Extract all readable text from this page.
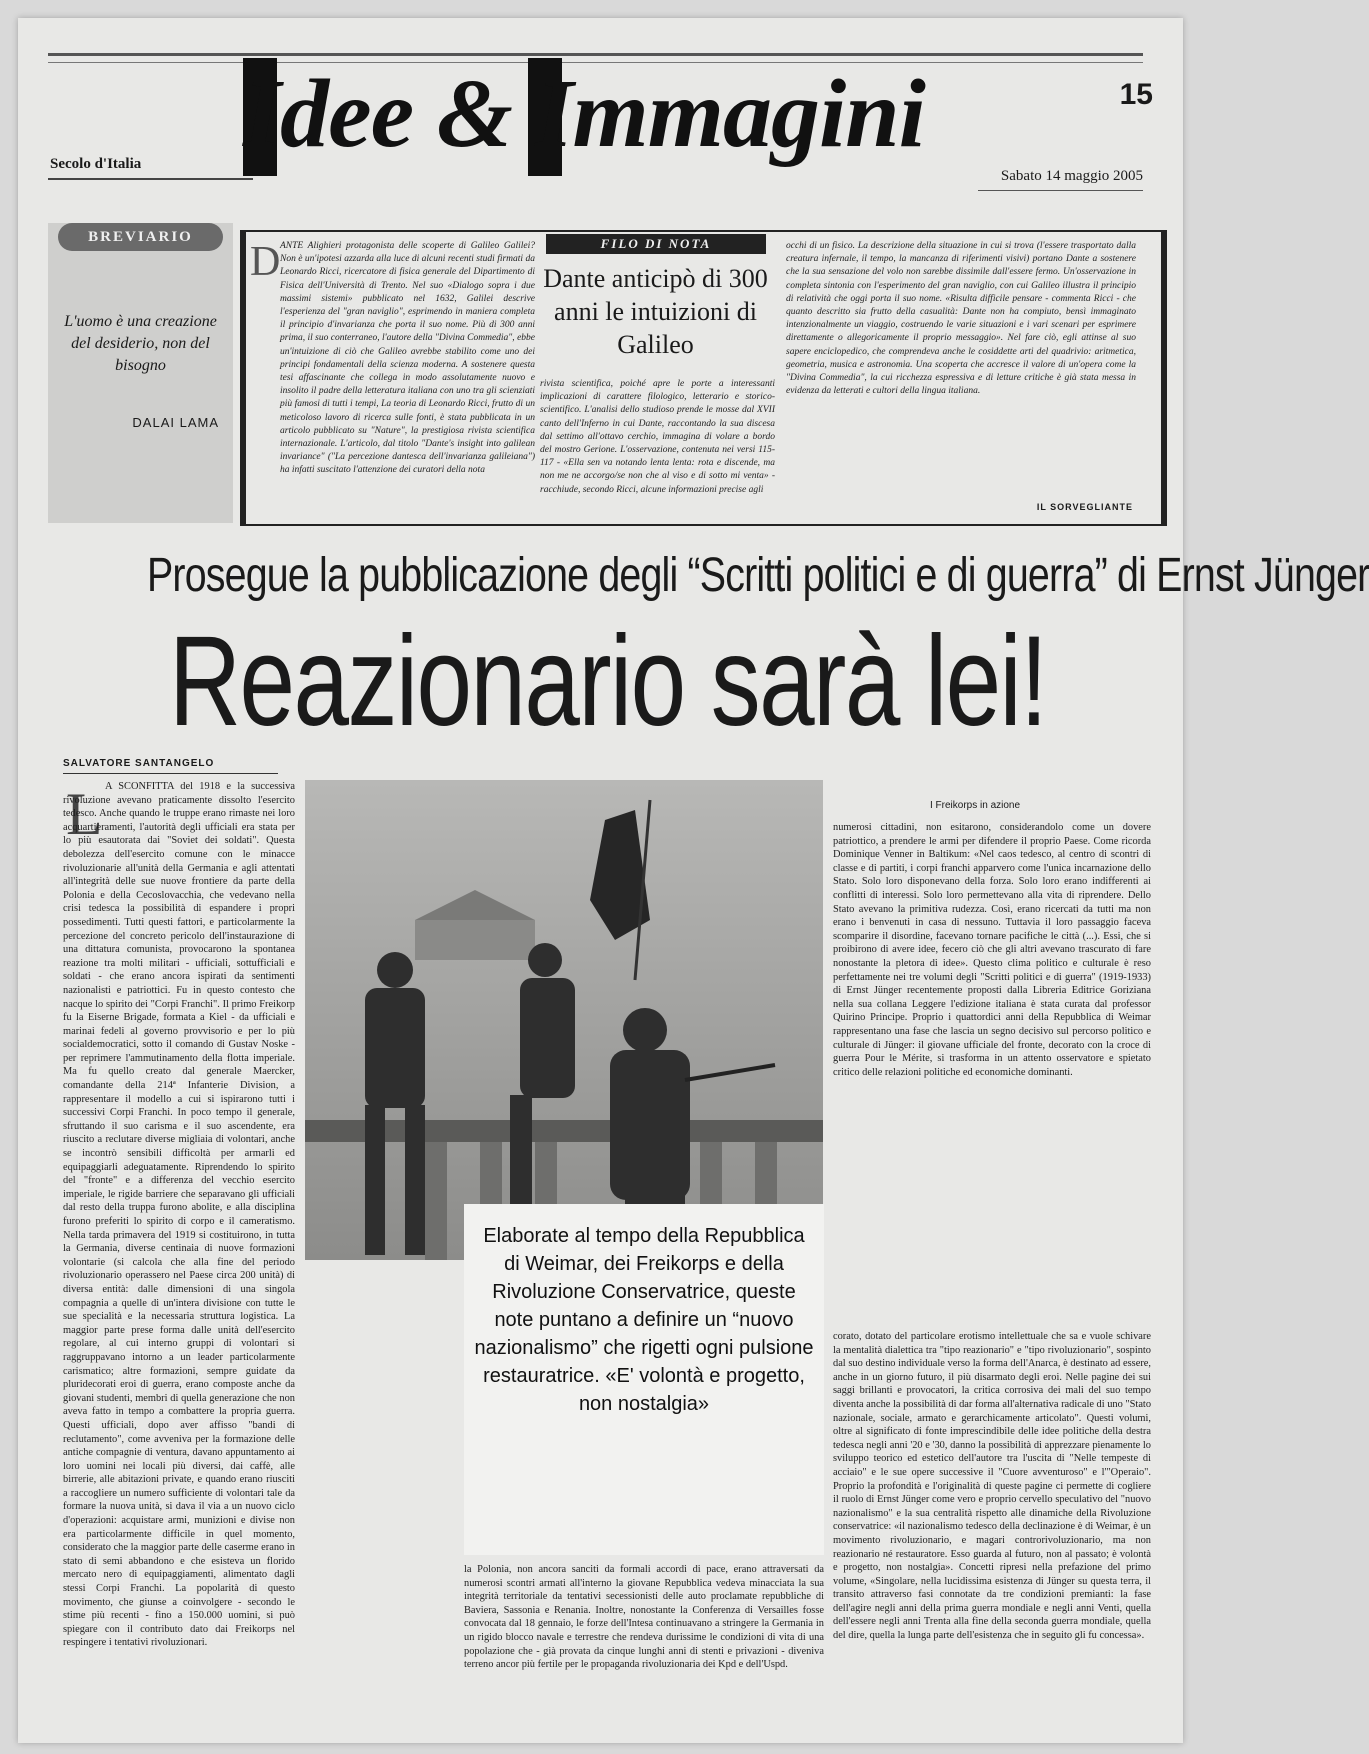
Idee & Immagini	15
Secolo d'Italia
Sabato 14 maggio 2005
BREVIARIO
L'uomo è una creazione del desiderio, non del bisogno
DALAI LAMA
D ANTE Alighieri protagonista delle scoperte di Galileo Galilei? Non è un'ipotesi azzarda alla luce di alcuni recenti studi firmati da Leonardo Ricci, ricercatore di fisica generale del Dipartimento di Fisica dell'Università di Trento. Nel suo «Dialogo sopra i due massimi sistemi» pubblicato nel 1632, Galilei descrive l'esperienza del "gran naviglio", esprimendo in maniera completa il principio d'invarianza che porta il suo nome. Più di 300 anni prima, il suo conterraneo, l'autore della "Divina Commedia", ebbe un'intuizione di ciò che Galileo avrebbe stabilito come uno dei principi fondamentali della scienza moderna. A sostenere questa tesi affascinante che collega in modo assolutamente nuovo e insolito il padre della letteratura italiana con uno tra gli scienziati più famosi di tutti i tempi, La teoria di Leonardo Ricci, frutto di un meticoloso lavoro di ricerca sulle fonti, è stata pubblicata in un articolo pubblicato su "Nature", la prestigiosa rivista scientifica internazionale. L'articolo, dal titolo "Dante's insight into galilean invariance" ("La percezione dantesca dell'invarianza galileiana") ha infatti suscitato l'attenzione dei curatori della nota
FILO DI NOTA
Dante anticipò di 300 anni le intuizioni di Galileo
rivista scientifica, poiché apre le porte a interessanti implicazioni di carattere filologico, letterario e storico-scientifico. L'analisi dello studioso prende le mosse dal XVII canto dell'Inferno in cui Dante, raccontando la sua discesa dal settimo all'ottavo cerchio, immagina di volare a bordo del mostro Gerione. L'osservazione, contenuta nei versi 115-117 - «Ella sen va notando lenta lenta: rota e discende, ma non me ne accorgo/se non che al viso e di sotto mi venta» - racchiude, secondo Ricci, alcune informazioni precise agli
occhi di un fisico. La descrizione della situazione in cui si trova (l'essere trasportato dalla creatura infernale, il tempo, la mancanza di riferimenti visivi) portano Dante a sostenere che la sua sensazione del volo non sarebbe dissimile dall'essere fermo. Un'osservazione in completa sintonia con l'esperimento del gran naviglio, con cui Galileo illustra il principio di relatività che oggi porta il suo nome. «Risulta difficile pensare - commenta Ricci - che quanto descritto sia frutto della casualità: Dante non ha compiuto, bensì immaginato intenzionalmente un viaggio, costruendo le varie situazioni e i vari scenari per esprimere direttamente o allegoricamente il proprio messaggio». Nel fare ciò, egli attinse al suo sapere enciclopedico, che comprendeva anche le cosiddette arti del quadrivio: aritmetica, geometria, musica e astronomia. Una scoperta che accresce il valore di un'opera come la "Divina Commedia", la cui ricchezza espressiva e di letture critiche è già stata messa in evidenza da letterati e cultori della lingua italiana.
IL SORVEGLIANTE
Prosegue la pubblicazione degli “Scritti politici e di guerra” di Ernst Jünger
Reazionario sarà lei!
SALVATORE SANTANGELO
L A SCONFITTA del 1918 e la successiva rivoluzione avevano praticamente dissolto l'esercito tedesco. Anche quando le truppe erano rimaste nei loro acquartieramenti, l'autorità degli ufficiali era stata per lo più esautorata dai "Soviet dei soldati". Questa debolezza dell'esercito comune con le minacce rivoluzionarie all'unità della Germania e agli attentati all'integrità delle sue nuove frontiere da parte della Polonia e della Cecoslovacchia, che vedevano nella crisi tedesca la possibilità di espandere i propri possedimenti. Tutti questi fattori, e particolarmente la percezione del concreto pericolo dell'instaurazione di una dittatura comunista, provocarono la spontanea reazione tra molti militari - ufficiali, sottufficiali e soldati - che erano ancora ispirati da sentimenti nazionalisti e patriottici. Fu in questo contesto che nacque lo spirito dei "Corpi Franchi". Il primo Freikorp fu la Eiserne Brigade, formata a Kiel - da ufficiali e marinai fedeli al governo provvisorio e per lo più socialdemocratici, sotto il comando di Gustav Noske - per reprimere l'ammutinamento della flotta imperiale. Ma fu quello creato dal generale Maercker, comandante della 214ª Infanterie Division, a rappresentare il modello a cui si ispirarono tutti i successivi Corpi Franchi. In poco tempo il generale, sfruttando il suo carisma e il suo ascendente, era riuscito a reclutare diverse migliaia di volontari, anche se incontrò sensibili difficoltà per armarli ed equipaggiarli adeguatamente. Riprendendo lo spirito del "fronte" e a differenza del vecchio esercito imperiale, le rigide barriere che separavano gli ufficiali dal resto della truppa furono abolite, e alla disciplina furono preferiti lo spirito di corpo e il cameratismo. Nella tarda primavera del 1919 si costituirono, in tutta la Germania, diverse centinaia di nuove formazioni volontarie (si calcola che alla fine del periodo rivoluzionario operassero nel Paese circa 200 unità) di diversa entità: dalle dimensioni di una singola compagnia a quelle di un'intera divisione con tutte le sue specialità e la necessaria struttura logistica. La maggior parte prese forma dalle unità dell'esercito regolare, al cui interno gruppi di volontari si raggruppavano intorno a un leader particolarmente carismatico; altre formazioni, sempre guidate da pluridecorati eroi di guerra, erano composte anche da giovani studenti, membri di quella generazione che non aveva fatto in tempo a combattere la propria guerra. Questi ufficiali, dopo aver affisso "bandi di reclutamento", come avveniva per la formazione delle antiche compagnie di ventura, davano appuntamento ai loro uomini nei locali più diversi, dai caffè, alle birrerie, alle abitazioni private, e quando erano riusciti a raccogliere un numero sufficiente di volontari tale da formare la nuova unità, si dava il via a un nuovo ciclo d'operazioni: acquistare armi, munizioni e divise non era particolarmente difficile in quel momento, considerato che la maggior parte delle caserme erano in stato di semi abbandono e che esisteva un florido mercato nero di equipaggiamenti, alimentato dagli stessi Corpi Franchi. La popolarità di questo movimento, che giunse a coinvolgere - secondo le stime più recenti - fino a 150.000 uomini, si può spiegare con il contributo dato dai Freikorps nel respingere i tentativi rivoluzionari.
I Freikorps in azione
Elaborate al tempo della Repubblica di Weimar, dei Freikorps e della Rivoluzione Conservatrice, queste note puntano a definire un “nuovo nazionalismo” che rigetti ogni pulsione restauratrice. «E' volontà e progetto, non nostalgia»
la Polonia, non ancora sanciti da formali accordi di pace, erano attraversati da numerosi scontri armati all'interno la giovane Repubblica vedeva minacciata la sua integrità territoriale da tentativi secessionisti delle auto proclamate repubbliche di Baviera, Sassonia e Renania. Inoltre, nonostante la Conferenza di Versailles fosse convocata dal 18 gennaio, le forze dell'Intesa continuavano a stringere la Germania in un rigido blocco navale e terrestre che rendeva durissime le condizioni di vita di una popolazione che - già provata da cinque lunghi anni di stenti e privazioni - diveniva terreno ancor più fertile per le propaganda rivoluzionaria dei Kpd e dell'Uspd.
numerosi cittadini, non esitarono, considerandolo come un dovere patriottico, a prendere le armi per difendere il proprio Paese. Come ricorda Dominique Venner in Baltikum: «Nel caos tedesco, al centro di scontri di classe e di partiti, i corpi franchi apparvero come l'unica incarnazione dello Stato. Solo loro disponevano della forza. Solo loro erano indifferenti ai conflitti di interessi. Solo loro permettevano alla vita di riprendere. Dello Stato avevano la primitiva rudezza. Così, erano ricercati da tutti ma non erano i benvenuti in casa di nessuno. Tuttavia il loro passaggio faceva scomparire il disordine, facevano tornare pacifiche le città (...). Essi, che si proibirono di avere idee, fecero ciò che gli altri avevano trascurato di fare nonostante la pletora di idee». Questo clima politico e culturale è reso perfettamente nei tre volumi degli "Scritti politici e di guerra" (1919-1933) di Ernst Jünger recentemente proposti dalla Libreria Editrice Goriziana nella sua collana Leggere l'edizione italiana è stata curata dal professor Quirino Principe. Proprio i quattordici anni della Repubblica di Weimar rappresentano una fase che lascia un segno decisivo sul percorso politico e culturale di Jünger: il giovane ufficiale del fronte, decorato con la croce di guerra Pour le Mérite, si trasforma in un attento osservatore e spietato critico delle relazioni politiche ed economiche dominanti.
corato, dotato del particolare erotismo intellettuale che sa e vuole schivare la mentalità dialettica tra "tipo reazionario" e "tipo rivoluzionario", sospinto dal suo destino individuale verso la forma dell'Anarca, è destinato ad essere, anche in un giorno futuro, il più disarmato degli eroi. Nelle pagine dei sui saggi brillanti e provocatori, la critica corrosiva dei mali del suo tempo diventa anche la possibilità di dar forma all'alternativa radicale di uno "Stato nazionale, sociale, armato e gerarchicamente articolato". Questi volumi, oltre al significato di fonte imprescindibile delle idee politiche della destra tedesca negli anni '20 e '30, danno la possibilità di apprezzare pienamente lo sviluppo teorico ed estetico dell'autore tra l'uscita di "Nelle tempeste di acciaio" e le sue opere successive il "Cuore avventuroso" e l'"Operaio". Proprio la profondità e l'originalità di queste pagine ci permette di cogliere il ruolo di Ernst Jünger come vero e proprio cervello speculativo del "nuovo nazionalismo" e la sua centralità rispetto alle dinamiche della Rivoluzione conservatrice: «il nazionalismo tedesco della declinazione è di Weimar, è un movimento rivoluzionario, e magari controrivoluzionario, ma non reazionario né restauratore. Esso guarda al futuro, non al passato; è volontà e progetto, non nostalgia». Concetti ripresi nella prefazione del primo volume, «Singolare, nella lucidissima esistenza di Jünger su questa terra, il transito attraverso fasi connotate da tre condizioni premianti: la fase dell'agire negli anni della prima guerra mondiale e negli anni Venti, quella dell'essere negli anni Trenta alla fine della seconda guerra mondiale, quella del dire, quella la lunga parte dell'esistenza che in seguito gli fu concessa».
